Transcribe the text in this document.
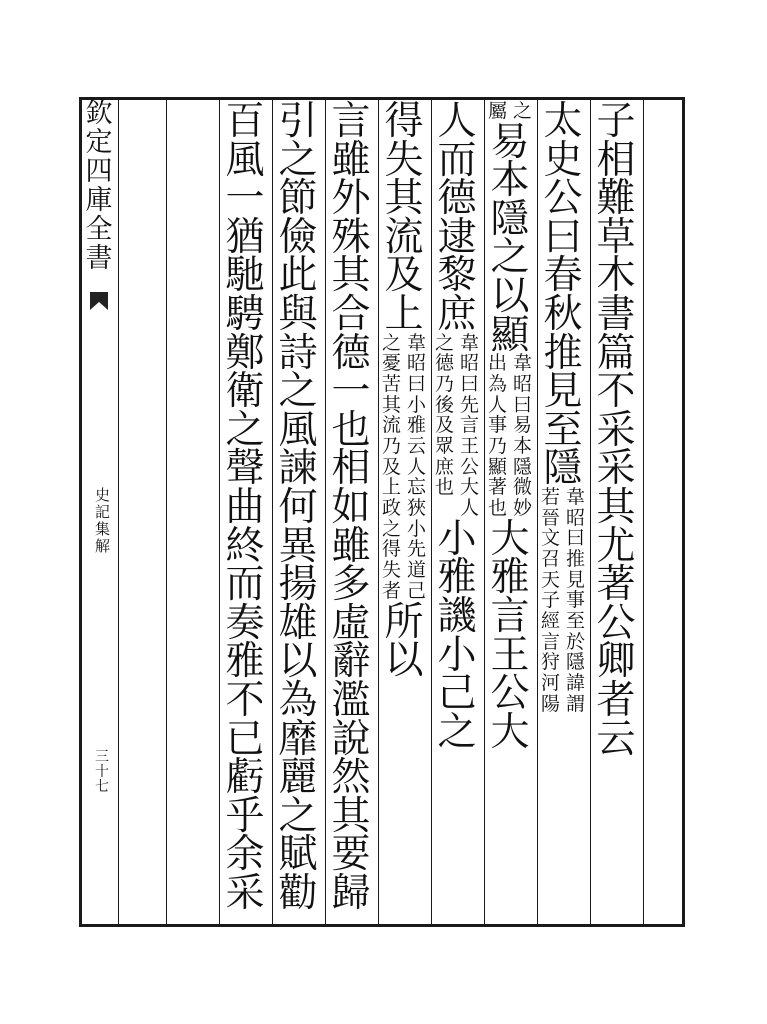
欽
定
四
庫
全
書
史
記
集
解
三
十
七
子
相
難
草
木
書
篇
不
采
采
其
尤
著
公
卿
者
云
太
史
公
曰
春
秋
推
見
至
隱
韋
昭
曰
推
見
事
至
於
隱
諱
謂
若
晉
文
召
天
子
經
言
狩
河
陽
之
屬
易
本
隱
之
以
顯
韋
昭
曰
易
本
隱
微
妙
出
為
人
事
乃
顯
著
也
大
雅
言
王
公
大
人
而
德
逮
黎
庶
韋
昭
曰
先
言
王
公
大
人
之
德
乃
後
及
眾
庶
也
小
雅
譏
小
己
之
得
失
其
流
及
上
韋
昭
曰
小
雅
云
人
忘
狹
小
先
道
己
之
憂
苦
其
流
乃
及
上
政
之
得
失
者
所
以
言
雖
外
殊
其
合
德
一
也
相
如
雖
多
虛
辭
濫
說
然
其
要
歸
引
之
節
儉
此
與
詩
之
風
諫
何
異
揚
雄
以
為
靡
麗
之
賦
勸
百
風
一
猶
馳
騁
鄭
衛
之
聲
曲
終
而
奏
雅
不
已
虧
乎
余
采
